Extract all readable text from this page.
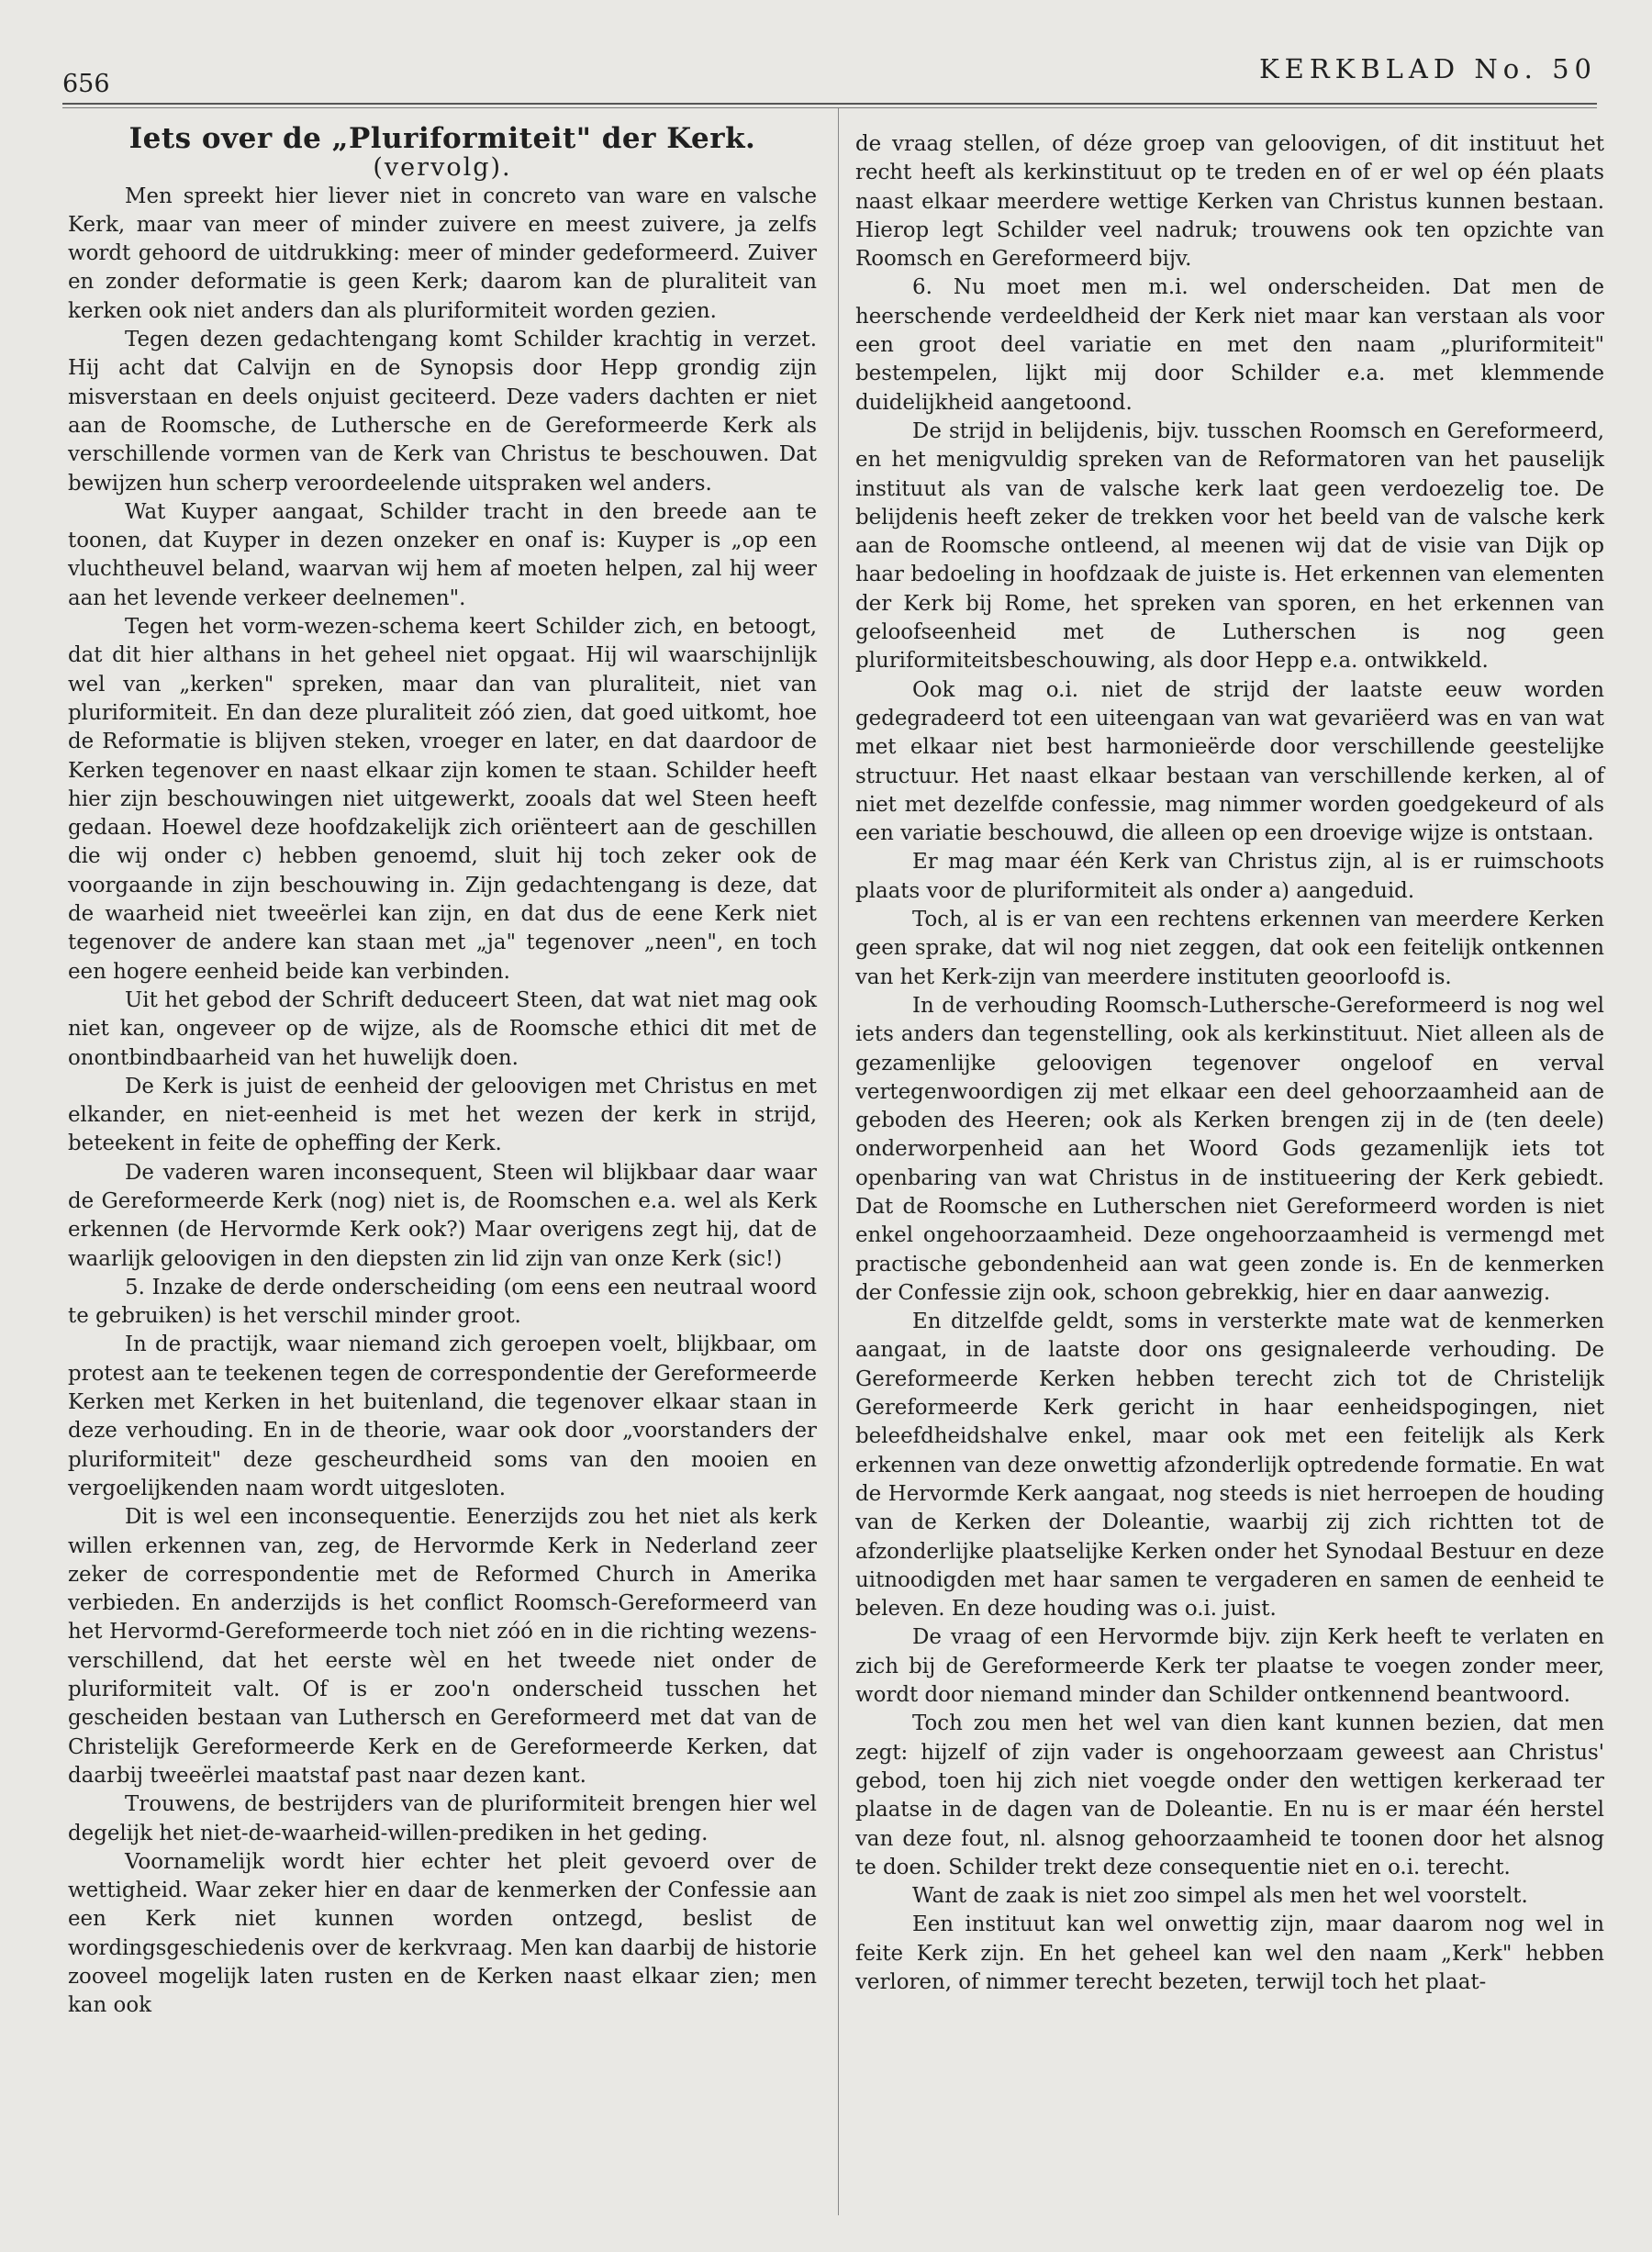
656	KERKBLAD No. 50

Iets over de „Pluriformiteit" der Kerk.

(vervolg).

Men spreekt hier liever niet in concreto van ware en valsche Kerk, maar van meer of minder zuivere en meest zuivere, ja zelfs wordt gehoord de uitdrukking: meer of minder gedeformeerd. Zuiver en zonder deformatie is geen Kerk; daarom kan de pluraliteit van kerken ook niet anders dan als pluriformiteit worden gezien.

Tegen dezen gedachtengang komt Schilder krachtig in verzet. Hij acht dat Calvijn en de Synopsis door Hepp grondig zijn misverstaan en deels onjuist geciteerd. Deze vaders dachten er niet aan de Roomsche, de Luthersche en de Gereformeerde Kerk als verschillende vormen van de Kerk van Christus te beschouwen. Dat bewijzen hun scherp veroordeelende uitspraken wel anders.

Wat Kuyper aangaat, Schilder tracht in den breede aan te toonen, dat Kuyper in dezen onzeker en onaf is: Kuyper is „op een vluchtheuvel beland, waarvan wij hem af moeten helpen, zal hij weer aan het levende verkeer deelnemen".

Tegen het vorm-wezen-schema keert Schilder zich, en betoogt, dat dit hier althans in het geheel niet opgaat. Hij wil waarschijnlijk wel van „kerken" spreken, maar dan van pluraliteit, niet van pluriformiteit. En dan deze pluraliteit zóó zien, dat goed uitkomt, hoe de Reformatie is blijven steken, vroeger en later, en dat daardoor de Kerken tegenover en naast elkaar zijn komen te staan. Schilder heeft hier zijn beschouwingen niet uitgewerkt, zooals dat wel Steen heeft gedaan. Hoewel deze hoofdzakelijk zich oriënteert aan de geschillen die wij onder c) hebben genoemd, sluit hij toch zeker ook de voorgaande in zijn beschouwing in. Zijn gedachtengang is deze, dat de waarheid niet tweeërlei kan zijn, en dat dus de eene Kerk niet tegenover de andere kan staan met „ja" tegenover „neen", en toch een hogere eenheid beide kan verbinden.

Uit het gebod der Schrift deduceert Steen, dat wat niet mag ook niet kan, ongeveer op de wijze, als de Roomsche ethici dit met de onontbindbaarheid van het huwelijk doen.

De Kerk is juist de eenheid der geloovigen met Christus en met elkander, en niet-eenheid is met het wezen der kerk in strijd, beteekent in feite de opheffing der Kerk.

De vaderen waren inconsequent, Steen wil blijkbaar daar waar de Gereformeerde Kerk (nog) niet is, de Roomschen e.a. wel als Kerk erkennen (de Hervormde Kerk ook?) Maar overigens zegt hij, dat de waarlijk geloovigen in den diepsten zin lid zijn van onze Kerk (sic!)

5. Inzake de derde onderscheiding (om eens een neutraal woord te gebruiken) is het verschil minder groot.

In de practijk, waar niemand zich geroepen voelt, blijkbaar, om protest aan te teekenen tegen de correspondentie der Gereformeerde Kerken met Kerken in het buitenland, die tegenover elkaar staan in deze verhouding. En in de theorie, waar ook door „voorstanders der pluriformiteit" deze gescheurdheid soms van den mooien en vergoelijkenden naam wordt uitgesloten.

Dit is wel een inconsequentie. Eenerzijds zou het niet als kerk willen erkennen van, zeg, de Hervormde Kerk in Nederland zeer zeker de correspondentie met de Reformed Church in Amerika verbieden. En anderzijds is het conflict Roomsch-Gereformeerd van het Hervormd-Gereformeerde toch niet zóó en in die richting wezens-verschillend, dat het eerste wèl en het tweede niet onder de pluriformiteit valt. Of is er zoo'n onderscheid tusschen het gescheiden bestaan van Luthersch en Gereformeerd met dat van de Christelijk Gereformeerde Kerk en de Gereformeerde Kerken, dat daarbij tweeërlei maatstaf past naar dezen kant.

Trouwens, de bestrijders van de pluriformiteit brengen hier wel degelijk het niet-de-waarheid-willen-prediken in het geding.

Voornamelijk wordt hier echter het pleit gevoerd over de wettigheid. Waar zeker hier en daar de kenmerken der Confessie aan een Kerk niet kunnen worden ontzegd, beslist de wordingsgeschiedenis over de kerkvraag. Men kan daarbij de historie zooveel mogelijk laten rusten en de Kerken naast elkaar zien; men kan ook

de vraag stellen, of déze groep van geloovigen, of dit instituut het recht heeft als kerkinstituut op te treden en of er wel op één plaats naast elkaar meerdere wettige Kerken van Christus kunnen bestaan. Hierop legt Schilder veel nadruk; trouwens ook ten opzichte van Roomsch en Gereformeerd bijv.

6. Nu moet men m.i. wel onderscheiden. Dat men de heerschende verdeeldheid der Kerk niet maar kan verstaan als voor een groot deel variatie en met den naam „pluriformiteit" bestempelen, lijkt mij door Schilder e.a. met klemmende duidelijkheid aangetoond.

De strijd in belijdenis, bijv. tusschen Roomsch en Gereformeerd, en het menigvuldig spreken van de Reformatoren van het pauselijk instituut als van de valsche kerk laat geen verdoezelig toe. De belijdenis heeft zeker de trekken voor het beeld van de valsche kerk aan de Roomsche ontleend, al meenen wij dat de visie van Dijk op haar bedoeling in hoofdzaak de juiste is. Het erkennen van elementen der Kerk bij Rome, het spreken van sporen, en het erkennen van geloofseenheid met de Lutherschen is nog geen pluriformiteitsbeschouwing, als door Hepp e.a. ontwikkeld.

Ook mag o.i. niet de strijd der laatste eeuw worden gedegradeerd tot een uiteengaan van wat gevariëerd was en van wat met elkaar niet best harmonieërde door verschillende geestelijke structuur. Het naast elkaar bestaan van verschillende kerken, al of niet met dezelfde confessie, mag nimmer worden goedgekeurd of als een variatie beschouwd, die alleen op een droevige wijze is ontstaan.

Er mag maar één Kerk van Christus zijn, al is er ruimschoots plaats voor de pluriformiteit als onder a) aangeduid.

Toch, al is er van een rechtens erkennen van meerdere Kerken geen sprake, dat wil nog niet zeggen, dat ook een feitelijk ontkennen van het Kerk-zijn van meerdere instituten geoorloofd is.

In de verhouding Roomsch-Luthersche-Gereformeerd is nog wel iets anders dan tegenstelling, ook als kerkinstituut. Niet alleen als de gezamenlijke geloovigen tegenover ongeloof en verval vertegenwoordigen zij met elkaar een deel gehoorzaamheid aan de geboden des Heeren; ook als Kerken brengen zij in de (ten deele) onderworpenheid aan het Woord Gods gezamenlijk iets tot openbaring van wat Christus in de institueering der Kerk gebiedt. Dat de Roomsche en Lutherschen niet Gereformeerd worden is niet enkel ongehoorzaamheid. Deze ongehoorzaamheid is vermengd met practische gebondenheid aan wat geen zonde is. En de kenmerken der Confessie zijn ook, schoon gebrekkig, hier en daar aanwezig.

En ditzelfde geldt, soms in versterkte mate wat de kenmerken aangaat, in de laatste door ons gesignaleerde verhouding. De Gereformeerde Kerken hebben terecht zich tot de Christelijk Gereformeerde Kerk gericht in haar eenheidspogingen, niet beleefdheidshalve enkel, maar ook met een feitelijk als Kerk erkennen van deze onwettig afzonderlijk optredende formatie. En wat de Hervormde Kerk aangaat, nog steeds is niet herroepen de houding van de Kerken der Doleantie, waarbij zij zich richtten tot de afzonderlijke plaatselijke Kerken onder het Synodaal Bestuur en deze uitnoodigden met haar samen te vergaderen en samen de eenheid te beleven. En deze houding was o.i. juist.

De vraag of een Hervormde bijv. zijn Kerk heeft te verlaten en zich bij de Gereformeerde Kerk ter plaatse te voegen zonder meer, wordt door niemand minder dan Schilder ontkennend beantwoord.

Toch zou men het wel van dien kant kunnen bezien, dat men zegt: hijzelf of zijn vader is ongehoorzaam geweest aan Christus' gebod, toen hij zich niet voegde onder den wettigen kerkeraad ter plaatse in de dagen van de Doleantie. En nu is er maar één herstel van deze fout, nl. alsnog gehoorzaamheid te toonen door het alsnog te doen. Schilder trekt deze consequentie niet en o.i. terecht.

Want de zaak is niet zoo simpel als men het wel voorstelt.

Een instituut kan wel onwettig zijn, maar daarom nog wel in feite Kerk zijn. En het geheel kan wel den naam „Kerk" hebben verloren, of nimmer terecht bezeten, terwijl toch het plaat-
